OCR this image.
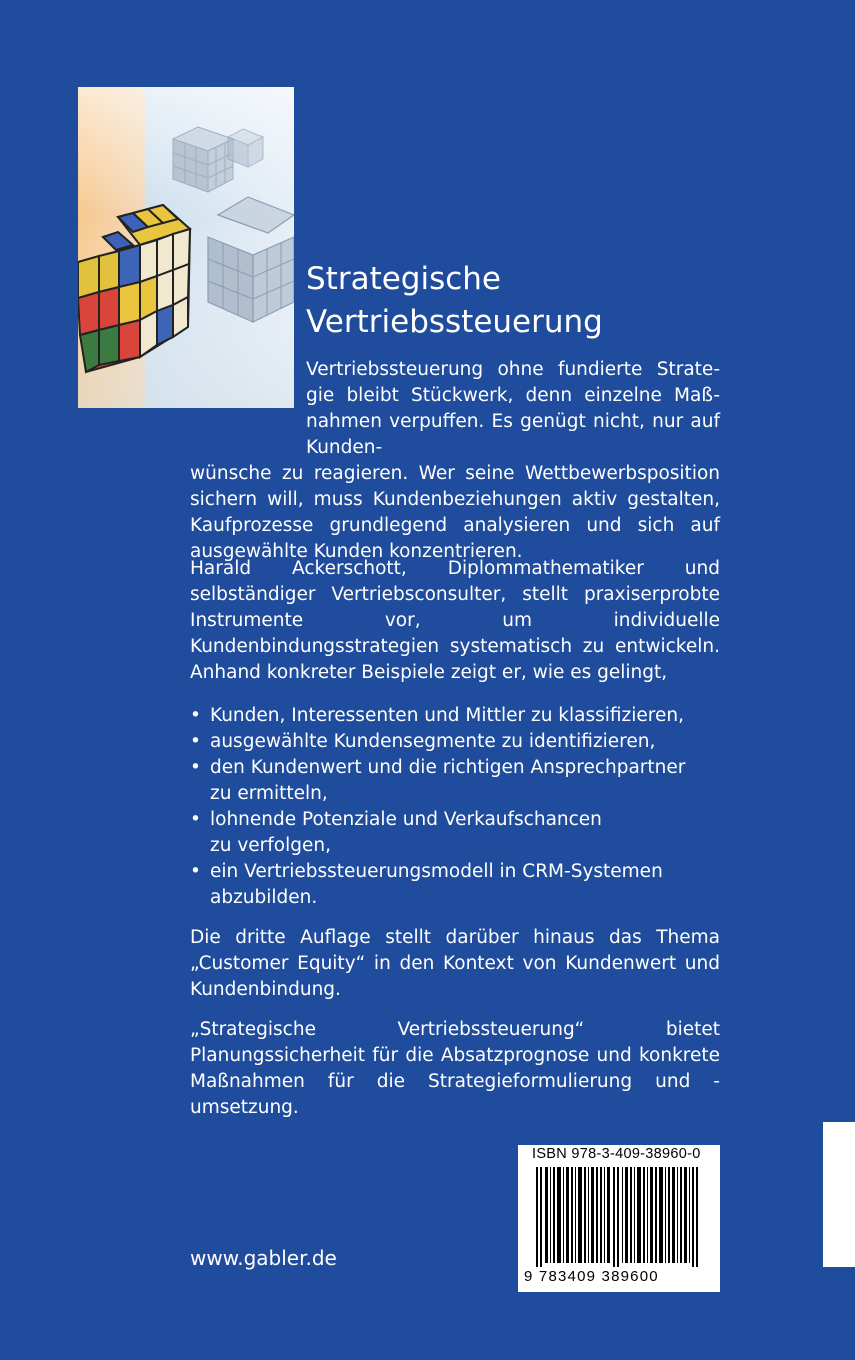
Strategische
Vertriebssteuerung
Vertriebssteuerung ohne fundierte Strate-
gie bleibt Stückwerk, denn einzelne Maß-
nahmen verpuffen. Es genügt nicht, nur auf Kunden-
wünsche zu reagieren. Wer seine Wettbewerbsposition sichern will, muss Kundenbeziehungen aktiv gestalten, Kaufprozesse grundlegend analysieren und sich auf ausgewählte Kunden konzentrieren.

Harald Ackerschott, Diplommathematiker und selbständiger Vertriebsconsulter, stellt praxiserprobte Instrumente vor, um individuelle Kundenbindungsstrategien systematisch zu entwickeln. Anhand konkreter Beispiele zeigt er, wie es gelingt,

• Kunden, Interessenten und Mittler zu klassifizieren,
• ausgewählte Kundensegmente zu identifizieren,
• den Kundenwert und die richtigen Ansprechpartner
zu ermitteln,
• lohnende Potenziale und Verkaufschancen
zu verfolgen,
• ein Vertriebssteuerungsmodell in CRM-Systemen
abzubilden.

Die dritte Auflage stellt darüber hinaus das Thema „Customer Equity“ in den Kontext von Kundenwert und Kundenbindung.

„Strategische Vertriebssteuerung“ bietet Planungssicherheit für die Absatzprognose und konkrete Maßnahmen für die Strategieformulierung und -umsetzung.

www.gabler.de
ISBN 978-3-409-38960-0
9 783409 389600
